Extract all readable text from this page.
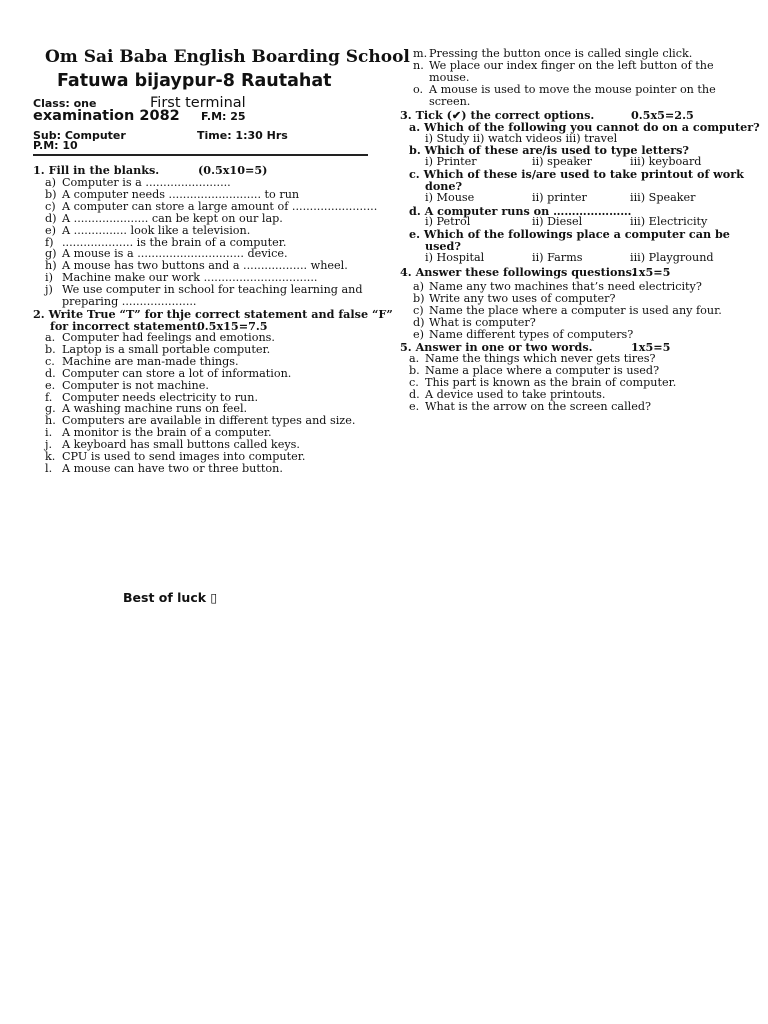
Om Sai Baba English Boarding School
Fatuwa bijaypur-8 Rautahat
Class: one	First terminal
examination 2082 F.M: 25
Sub: Computer	Time: 1:30 Hrs
P.M: 10
1. Fill in the blanks.	(0.5x10=5)
a) Computer is a ........................
b) A computer needs .......................... to run
c) A computer can store a large amount of ........................
d) A ..................... can be kept on our lap.
e) A ............... look like a television.
f) .................... is the brain of a computer.
g) A mouse is a .............................. device.
h) A mouse has two buttons and a .................. wheel.
i) Machine make our work ................................
j) We use computer in school for teaching learning and
preparing .....................
2. Write True “T” for thje correct statement and false “F”
for incorrect statement.
0.5x15=7.5
a. Computer had feelings and emotions.
b. Laptop is a small portable computer.
c. Machine are man-made things.
d. Computer can store a lot of information.
e. Computer is not machine.
f. Computer needs electricity to run.
g. A washing machine runs on feel.
h. Computers are available in different types and size.
i. A monitor is the brain of a computer.
j. A keyboard has small buttons called keys.
k. CPU is used to send images into computer.
l. A mouse can have two or three button.
m. Pressing the button once is called single click.
n. We place our index finger on the left button of the
mouse.
o. A mouse is used to move the mouse pointer on the
screen.
3. Tick (✔) the correct options.	0.5x5=2.5
a. Which of the following you cannot do on a computer?
i) Study ii) watch videos iii) travel
b. Which of these are/is used to type letters?
i) Printer	ii) speaker	iii) keyboard
c. Which of these is/are used to take printout of work
done?
i) Mouse	ii) printer	iii) Speaker
d. A computer runs on …………………
i) Petrol	ii) Diesel	iii) Electricity
e. Which of the followings place a computer can be
used?
i) Hospital	ii) Farms	iii) Playground
4. Answer these followings questions.
1x5=5
a) Name any two machines that’s need electricity?
b) Write any two uses of computer?
c) Name the place where a computer is used any four.
d) What is computer?
e) Name different types of computers?
5. Answer in one or two words.	1x5=5
a. Name the things which never gets tires?
b. Name a place where a computer is used?
c. This part is known as the brain of computer.
d. A device used to take printouts.
e. What is the arrow on the screen called?
Best of luck ▯
